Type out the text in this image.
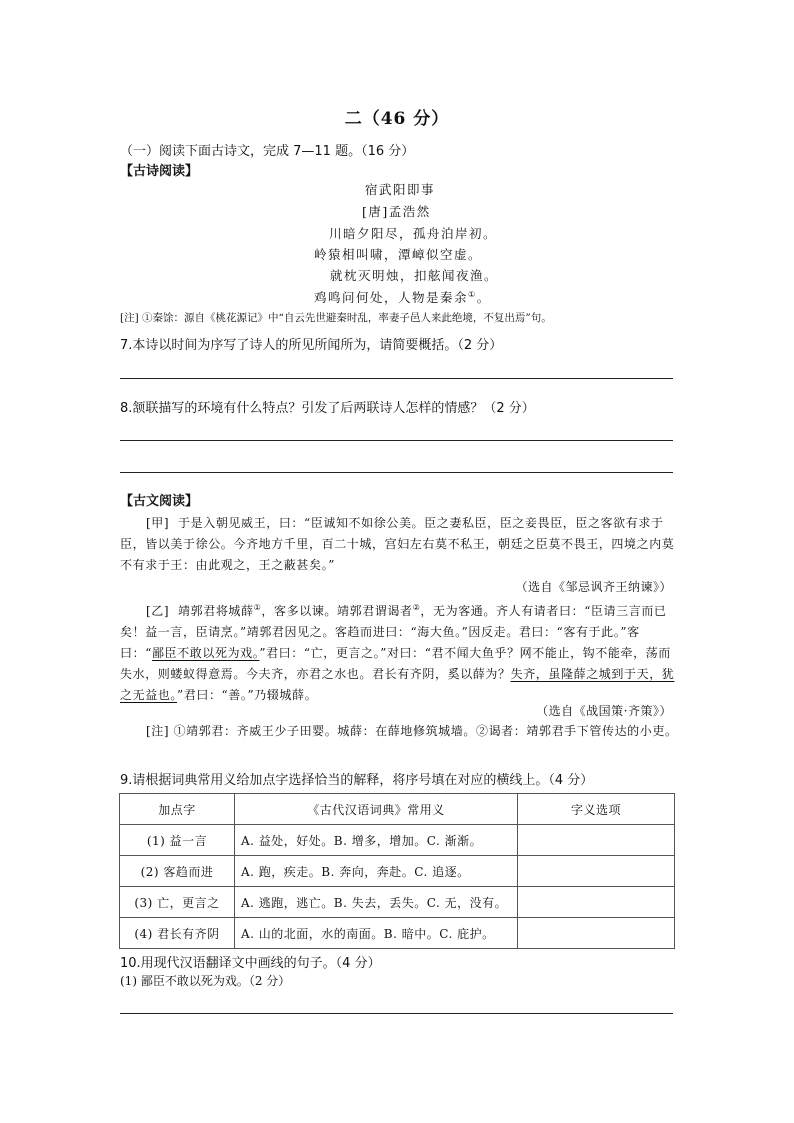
二（46 分）
（一）阅读下面古诗文，完成 7—11 题。（16 分）
【古诗阅读】
宿武阳即事
[唐]孟浩然
川暗夕阳尽，孤舟泊岸初。
岭猿相叫啸，潭嶂似空虚。
就枕灭明烛，扣舷闻夜渔。
鸡鸣问何处，人物是秦余①。
[注] ①秦馀：源自《桃花源记》中“自云先世避秦时乱，率妻子邑人来此绝境，不复出焉”句。
7.本诗以时间为序写了诗人的所见所闻所为，请简要概括。（2 分）
8.颔联描写的环境有什么特点？引发了后两联诗人怎样的情感？（2 分）
【古文阅读】
[甲] 于是入朝见威王，曰：“臣诚知不如徐公美。臣之妻私臣，臣之妾畏臣，臣之客欲有求于臣，皆以美于徐公。今齐地方千里，百二十城，宫妇左右莫不私王，朝廷之臣莫不畏王，四境之内莫不有求于王：由此观之，王之蔽甚矣。”
（选自《邹忌讽齐王纳谏》）
[乙] 靖郭君将城薛①，客多以谏。靖郭君谓谒者②，无为客通。齐人有请者曰：“臣请三言而已矣！益一言，臣请烹。”靖郭君因见之。客趋而进曰：“海大鱼。”因反走。君曰：“客有于此。”客曰：“鄙臣不敢以死为戏。”君曰：“亡，更言之。”对曰：“君不闻大鱼乎？网不能止，钩不能牵，荡而失水，则蝼蚁得意焉。今夫齐，亦君之水也。君长有齐阴，奚以薛为？失齐，虽隆薛之城到于天，犹之无益也。”君曰：“善。”乃辍城薛。
（选自《战国策·齐策》）
[注] ①靖郭君：齐威王少子田婴。城薛：在薛地修筑城墙。②谒者：靖郭君手下管传达的小吏。
9.请根据词典常用义给加点字选择恰当的解释，将序号填在对应的横线上。（4 分）
加点字	《古代汉语词典》常用义	字义选项
(1) 益一言	A. 益处，好处。B. 增多，增加。C. 渐渐。	
(2) 客趋而进	A. 跑，疾走。B. 奔向，奔赴。C. 追逐。	
(3) 亡，更言之	A. 逃跑，逃亡。B. 失去，丢失。C. 无，没有。	
(4) 君长有齐阴	A. 山的北面，水的南面。B. 暗中。C. 庇护。	
10.用现代汉语翻译文中画线的句子。（4 分）
(1) 鄙臣不敢以死为戏。（2 分）
